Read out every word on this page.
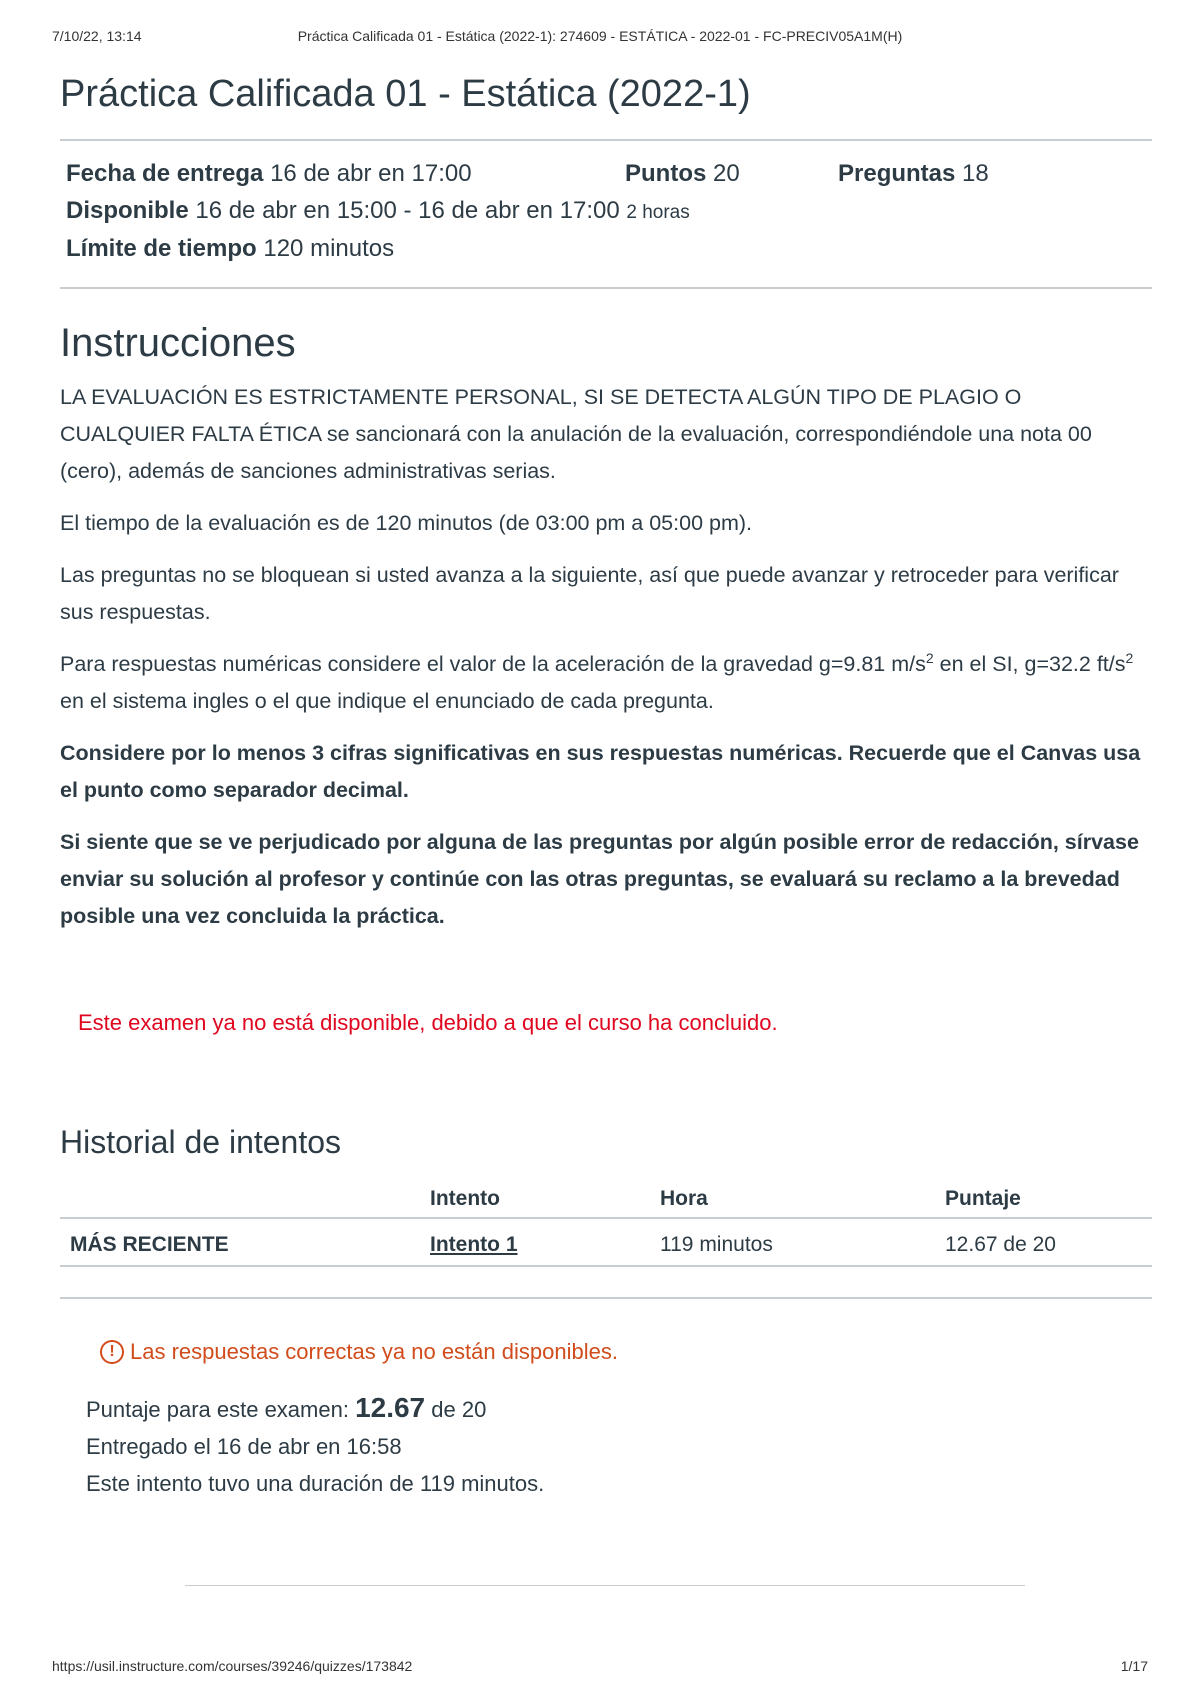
7/10/22, 13:14	Práctica Calificada 01 - Estática (2022-1): 274609 - ESTÁTICA - 2022-01 - FC-PRECIV05A1M(H)
Práctica Calificada 01 - Estática (2022-1)
Fecha de entrega 16 de abr en 17:00	Puntos 20	Preguntas 18
Disponible 16 de abr en 15:00 - 16 de abr en 17:00 2 horas
Límite de tiempo 120 minutos
Instrucciones

LA EVALUACIÓN ES ESTRICTAMENTE PERSONAL, SI SE DETECTA ALGÚN TIPO DE PLAGIO O CUALQUIER FALTA ÉTICA se sancionará con la anulación de la evaluación, correspondiéndole una nota 00 (cero), además de sanciones administrativas serias.

El tiempo de la evaluación es de 120 minutos (de 03:00 pm a 05:00 pm).

Las preguntas no se bloquean si usted avanza a la siguiente, así que puede avanzar y retroceder para verificar sus respuestas.

Para respuestas numéricas considere el valor de la aceleración de la gravedad g=9.81 $m/s^2$ en el SI, g=32.2 $ft/s^2$ en el sistema ingles o el que indique el enunciado de cada pregunta.

Considere por lo menos 3 cifras significativas en sus respuestas numéricas. Recuerde que el Canvas usa el punto como separador decimal.

Si siente que se ve perjudicado por alguna de las preguntas por algún posible error de redacción, sírvase enviar su solución al profesor y continúe con las otras preguntas, se evaluará su reclamo a la brevedad posible una vez concluida la práctica.

Este examen ya no está disponible, debido a que el curso ha concluido.
Historial de intentos
	Intento	Hora	Puntaje
MÁS RECIENTE	Intento 1	119 minutos	12.67 de 20
! Las respuestas correctas ya no están disponibles.
Puntaje para este examen: 12.67 de 20
Entregado el 16 de abr en 16:58
Este intento tuvo una duración de 119 minutos.
https://usil.instructure.com/courses/39246/quizzes/173842	1/17
